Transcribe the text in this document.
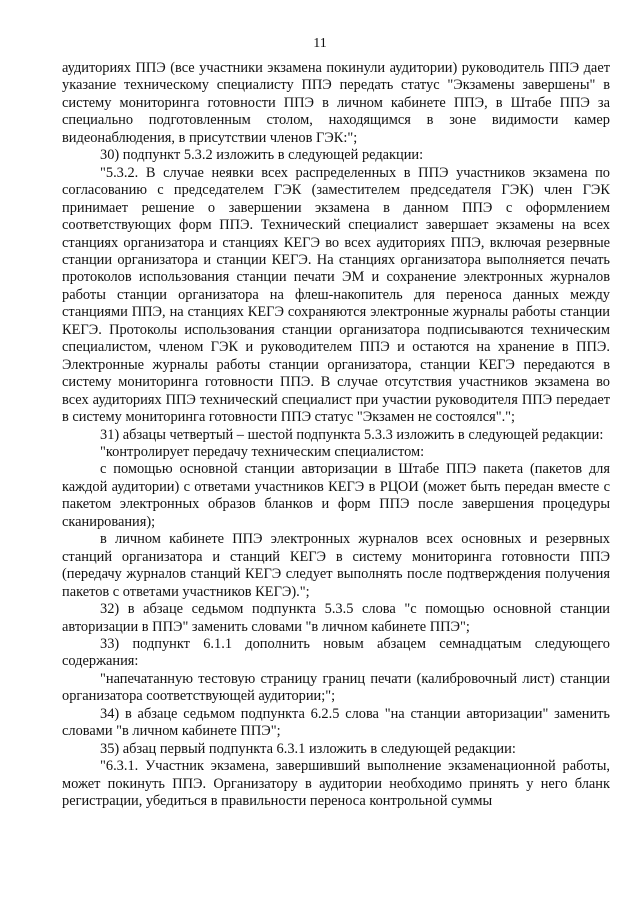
11

аудиториях ППЭ (все участники экзамена покинули аудитории) руководитель ППЭ дает указание техническому специалисту ППЭ передать статус "Экзамены завершены" в систему мониторинга готовности ППЭ в личном кабинете ППЭ, в Штабе ППЭ за специально подготовленным столом, находящимся в зоне видимости камер видеонаблюдения, в присутствии членов ГЭК:";

30) подпункт 5.3.2 изложить в следующей редакции:

"5.3.2. В случае неявки всех распределенных в ППЭ участников экзамена по согласованию с председателем ГЭК (заместителем председателя ГЭК) член ГЭК принимает решение о завершении экзамена в данном ППЭ с оформлением соответствующих форм ППЭ. Технический специалист завершает экзамены на всех станциях организатора и станциях КЕГЭ во всех аудиториях ППЭ, включая резервные станции организатора и станции КЕГЭ. На станциях организатора выполняется печать протоколов использования станции печати ЭМ и сохранение электронных журналов работы станции организатора на флеш-накопитель для переноса данных между станциями ППЭ, на станциях КЕГЭ сохраняются электронные журналы работы станции КЕГЭ. Протоколы использования станции организатора подписываются техническим специалистом, членом ГЭК и руководителем ППЭ и остаются на хранение в ППЭ. Электронные журналы работы станции организатора, станции КЕГЭ передаются в систему мониторинга готовности ППЭ. В случае отсутствия участников экзамена во всех аудиториях ППЭ технический специалист при участии руководителя ППЭ передает в систему мониторинга готовности ППЭ статус "Экзамен не состоялся".";

31) абзацы четвертый – шестой подпункта 5.3.3 изложить в следующей редакции:

"контролирует передачу техническим специалистом:

с помощью основной станции авторизации в Штабе ППЭ пакета (пакетов для каждой аудитории) с ответами участников КЕГЭ в РЦОИ (может быть передан вместе с пакетом электронных образов бланков и форм ППЭ после завершения процедуры сканирования);

в личном кабинете ППЭ электронных журналов всех основных и резервных станций организатора и станций КЕГЭ в систему мониторинга готовности ППЭ (передачу журналов станций КЕГЭ следует выполнять после подтверждения получения пакетов с ответами участников КЕГЭ).";

32) в абзаце седьмом подпункта 5.3.5 слова "с помощью основной станции авторизации в ППЭ" заменить словами "в личном кабинете ППЭ";

33) подпункт 6.1.1 дополнить новым абзацем семнадцатым следующего содержания:

"напечатанную тестовую страницу границ печати (калибровочный лист) станции организатора соответствующей аудитории;";

34) в абзаце седьмом подпункта 6.2.5 слова "на станции авторизации" заменить словами "в личном кабинете ППЭ";

35) абзац первый подпункта 6.3.1 изложить в следующей редакции:

"6.3.1. Участник экзамена, завершивший выполнение экзаменационной работы, может покинуть ППЭ. Организатору в аудитории необходимо принять у него бланк регистрации, убедиться в правильности переноса контрольной суммы
